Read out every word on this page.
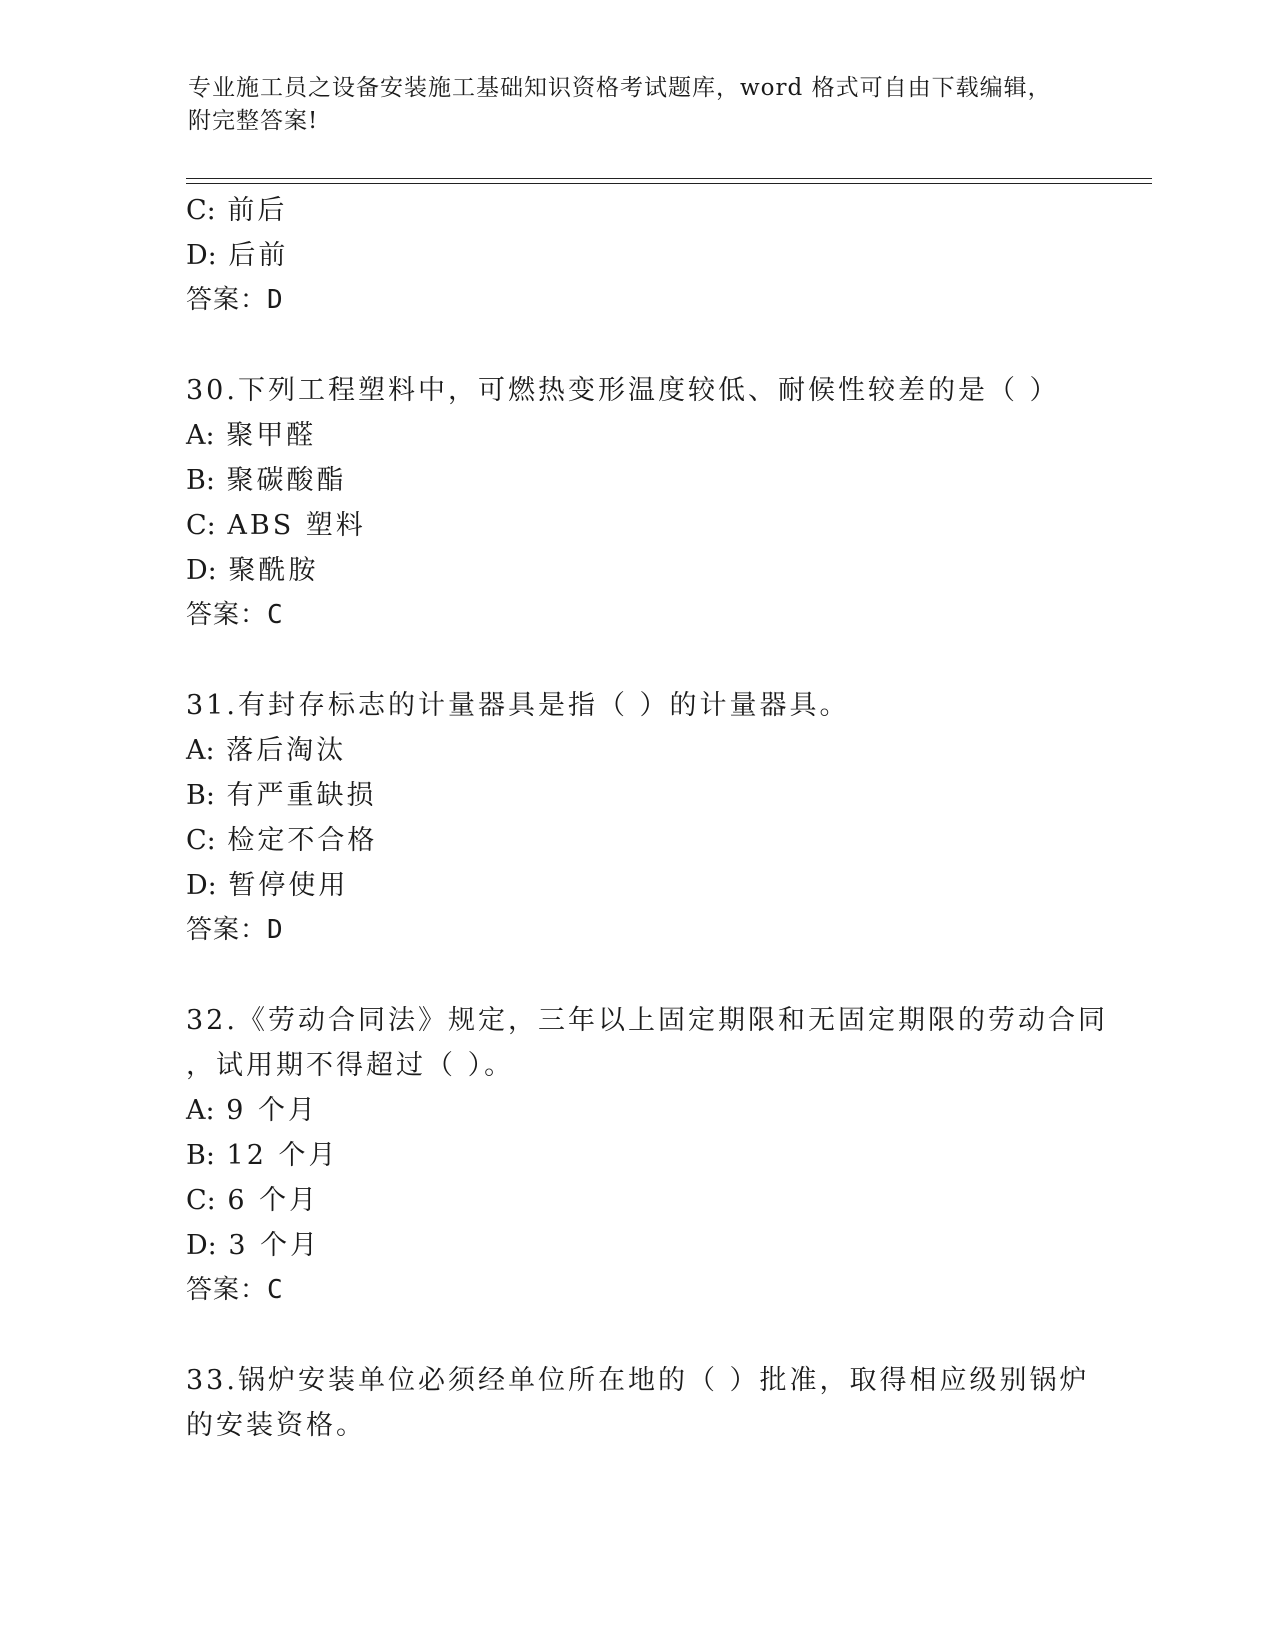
专业施工员之设备安装施工基础知识资格考试题库，word 格式可自由下载编辑，
附完整答案!
C: 前后
D: 后前
答案：D
30.下列工程塑料中，可燃热变形温度较低、耐候性较差的是（ ）
A: 聚甲醛
B: 聚碳酸酯
C: ABS 塑料
D: 聚酰胺
答案：C
31.有封存标志的计量器具是指（ ）的计量器具。
A: 落后淘汰
B: 有严重缺损
C: 检定不合格
D: 暂停使用
答案：D
32.《劳动合同法》规定，三年以上固定期限和无固定期限的劳动合同
，试用期不得超过（ ）。
A: 9 个月
B: 12 个月
C: 6 个月
D: 3 个月
答案：C
33.锅炉安装单位必须经单位所在地的（ ）批准，取得相应级别锅炉
的安装资格。
